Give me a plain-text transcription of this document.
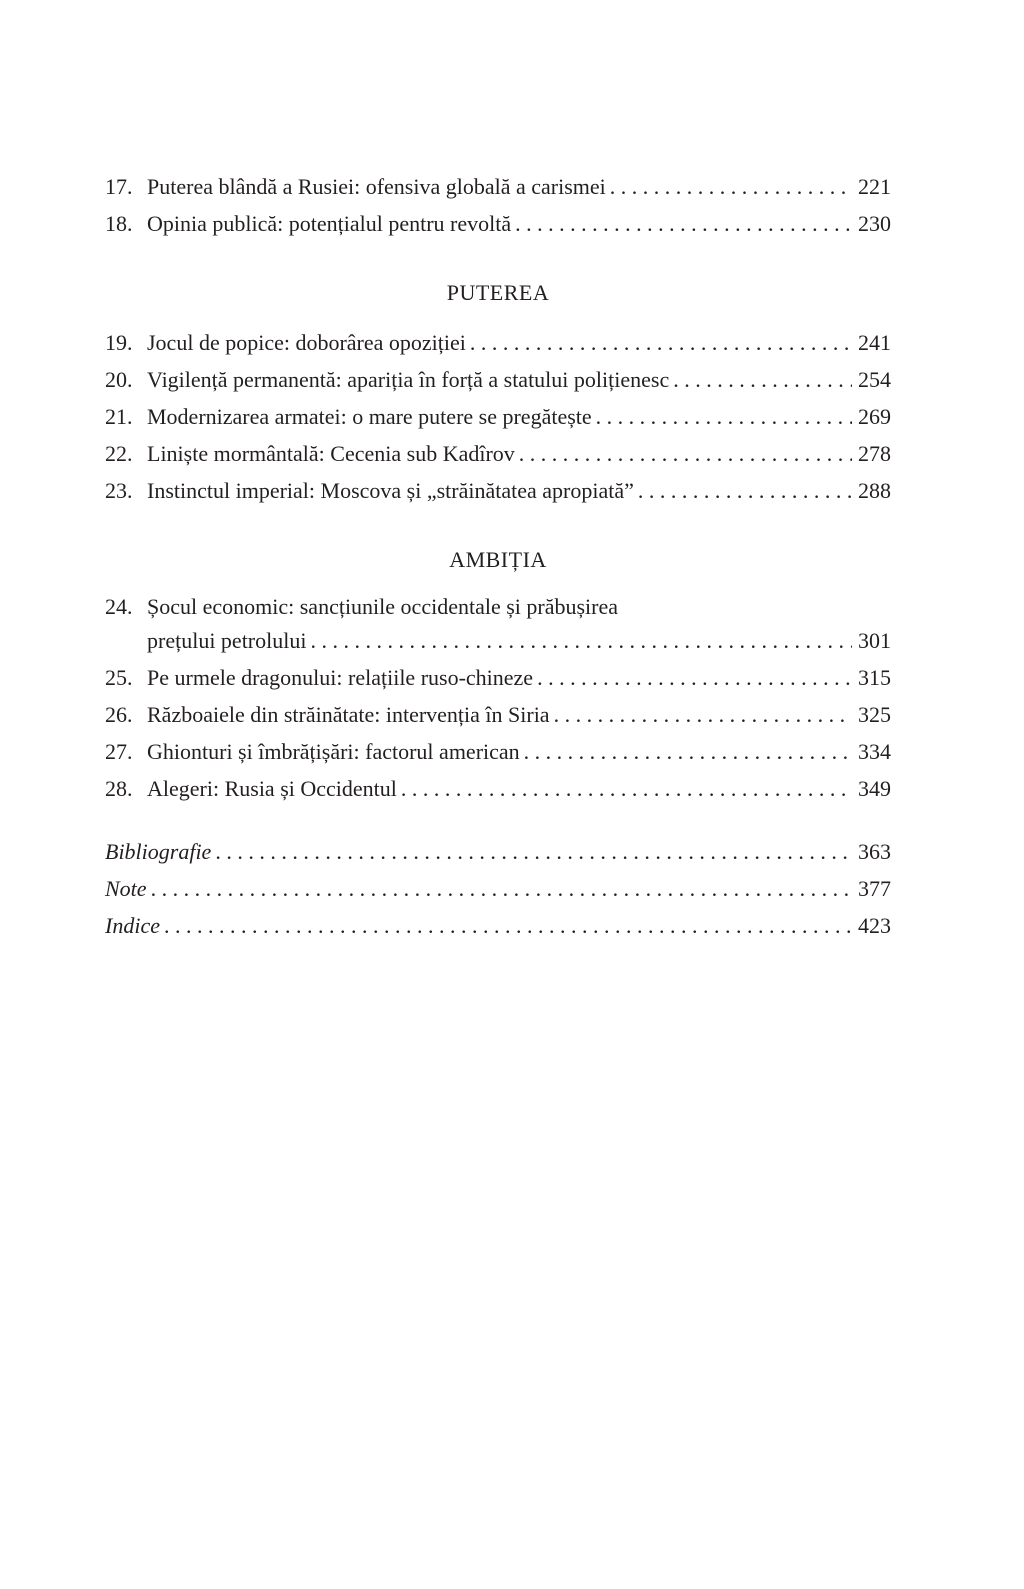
17. Puterea blândă a Rusiei: ofensiva globală a carismei . . .	221
18. Opinia publică: potențialul pentru revoltă . . .	230
PUTEREA
19. Jocul de popice: doborârea opoziției . . .	241
20. Vigilență permanentă: apariția în forță a statului polițienesc . . .	254
21. Modernizarea armatei: o mare putere se pregătește . . .	269
22. Liniște mormântală: Cecenia sub Kadîrov . . .	278
23. Instinctul imperial: Moscova și „străinătatea apropiată” . . .	288
AMBIȚIA
24. Șocul economic: sancțiunile occidentale și prăbușirea
prețului petrolului . . .	301
25. Pe urmele dragonului: relațiile ruso-chineze . . .	315
26. Războaiele din străinătate: intervenția în Siria . . .	325
27. Ghionturi și îmbrățișări: factorul american . . .	334
28. Alegeri: Rusia și Occidentul . . .	349
Bibliografie . . .	363
Note . . .	377
Indice . . .	423
